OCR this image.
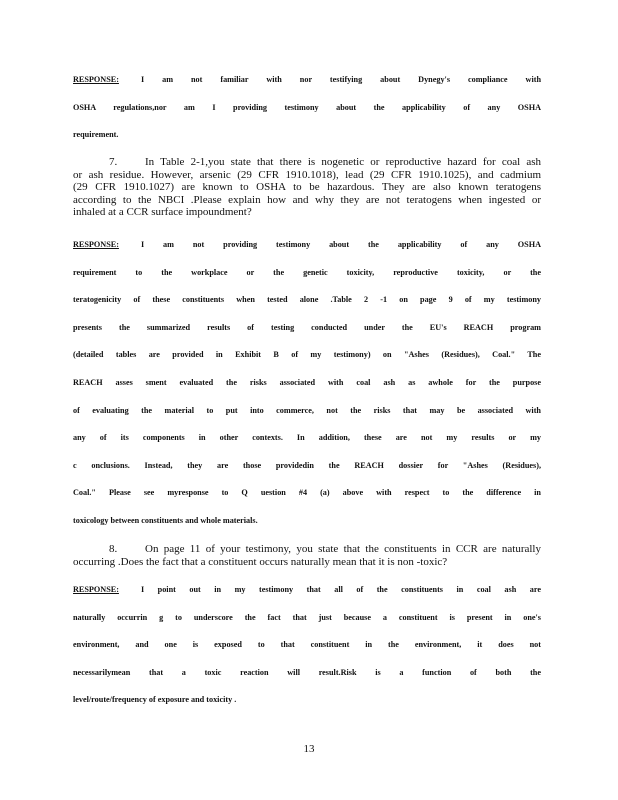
RESPONSE:	I am not familiar with nor testifying about Dynegy's compliance with
OSHA regulations,nor am I providing testimony about the applicability of any OSHA
requirement.
7.	In Table 2-1,you state that there is nogenetic or reproductive hazard for coal ash
or ash residue. However, arsenic (29 CFR 1910.1018), lead (29 CFR 1910.1025), and cadmium
(29 CFR 1910.1027) are known to OSHA to be hazardous. They are also known teratogens
according to the NBCI .Please explain how and why they are not teratogens when ingested or
inhaled at a CCR surface impoundment?
RESPONSE:	I am not providing testimony about the applicability of any OSHA
requirement to the workplace or the genetic toxicity, reproductive toxicity, or the
teratogenicity of these constituents when tested alone .Table 2 -1 on page 9 of my testimony
presents the summarized results of testing conducted under the EU's REACH program
(detailed tables are provided in Exhibit B of my testimony) on "Ashes (Residues), Coal." The
REACH asses sment evaluated the risks associated with coal ash as awhole for the purpose
of evaluating the material to put into commerce, not the risks that may be associated with
any of its components in other contexts. In addition, these are not my results or my
c onclusions. Instead, they are those providedin the REACH dossier for "Ashes (Residues),
Coal." Please see myresponse to Q uestion #4 (a) above with respect to the difference in
toxicology between constituents and whole materials.
8.	On page 11 of your testimony, you state that the constituents in CCR are naturally
occurring .Does the fact that a constituent occurs naturally mean that it is non -toxic?
RESPONSE:	I point out in my testimony that all of the constituents in coal ash are
naturally occurrin g to underscore the fact that just because a constituent is present in one's
environment, and one is exposed to that constituent in the environment, it does not
necessarilymean that a toxic reaction will result.Risk is a function of both the
level/route/frequency of exposure and toxicity .
13
